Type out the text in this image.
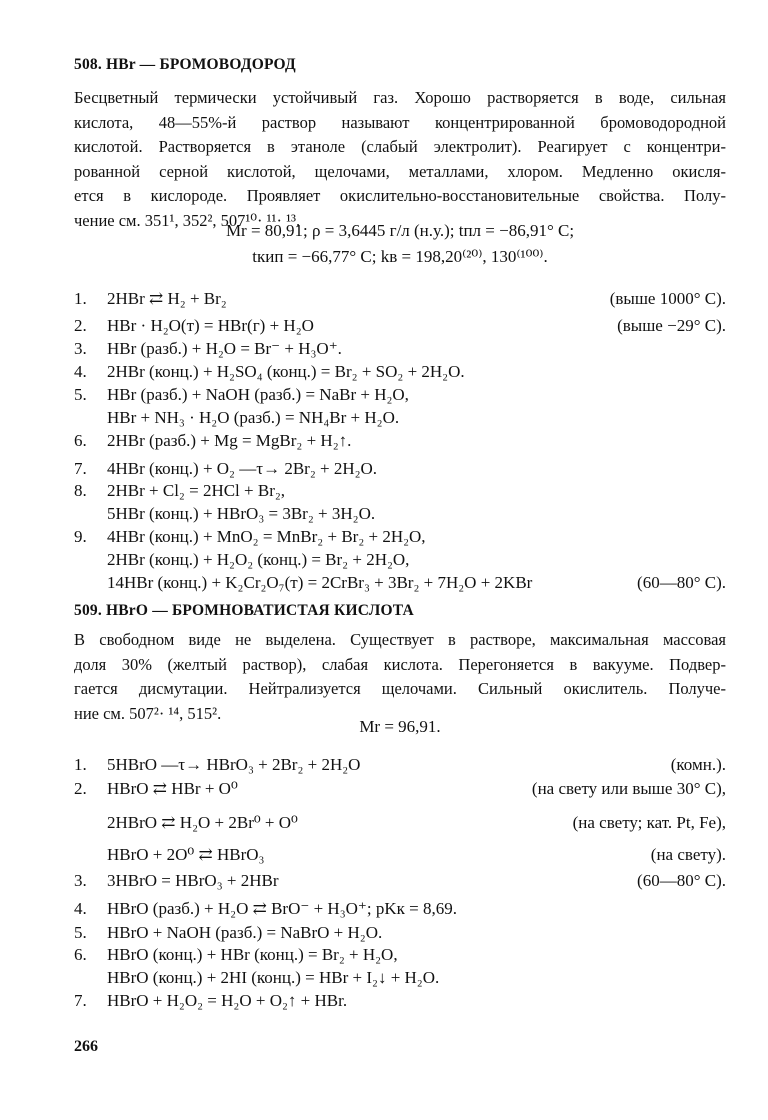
508. HBr — БРОМОВОДОРОД
Бесцветный термически устойчивый газ. Хорошо растворяется в воде, сильная
кислота, 48—55%-й раствор называют концентрированной бромоводородной
кислотой. Растворяется в этаноле (слабый электролит). Реагирует с концентри-
рованной серной кислотой, щелочами, металлами, хлором. Медленно окисля-
ется в кислороде. Проявляет окислительно-восстановительные свойства. Полу-
чение см. 351¹, 352², 507¹⁰· ¹¹· ¹³.
Mr = 80,91; ρ = 3,6445 г/л (н.у.); tпл = −86,91° C;
tкип = −66,77° C; kв = 198,20⁽²⁰⁾, 130⁽¹⁰⁰⁾.
1.	2HBr ⇄ H₂ + Br₂	(выше 1000° C).
2.	HBr · H₂O(т) = HBr(г) + H₂O	(выше −29° C).
3.	HBr (разб.) + H₂O = Br⁻ + H₃O⁺.
4.	2HBr (конц.) + H₂SO₄ (конц.) = Br₂ + SO₂ + 2H₂O.
5.	HBr (разб.) + NaOH (разб.) = NaBr + H₂O,
HBr + NH₃ · H₂O (разб.) = NH₄Br + H₂O.
6.	2HBr (разб.) + Mg = MgBr₂ + H₂↑.
7.	4HBr (конц.) + O₂ —τ→ 2Br₂ + 2H₂O.
8.	2HBr + Cl₂ = 2HCl + Br₂,
5HBr (конц.) + HBrO₃ = 3Br₂ + 3H₂O.
9.	4HBr (конц.) + MnO₂ = MnBr₂ + Br₂ + 2H₂O,
2HBr (конц.) + H₂O₂ (конц.) = Br₂ + 2H₂O,
14HBr (конц.) + K₂Cr₂O₇(т) = 2CrBr₃ + 3Br₂ + 7H₂O + 2KBr	(60—80° C).
509. HBrO — БРОМНОВАТИСТАЯ КИСЛОТА
В свободном виде не выделена. Существует в растворе, максимальная массовая
доля 30% (желтый раствор), слабая кислота. Перегоняется в вакууме. Подвер-
гается дисмутации. Нейтрализуется щелочами. Сильный окислитель. Получе-
ние см. 507²· ¹⁴, 515².
Mr = 96,91.
1.	5HBrO —τ→ HBrO₃ + 2Br₂ + 2H₂O	(комн.).
2.	HBrO ⇄ HBr + O⁰	(на свету или выше 30° C),
2HBrO ⇄ H₂O + 2Br⁰ + O⁰	(на свету; кат. Pt, Fe),
HBrO + 2O⁰ ⇄ HBrO₃	(на свету).
3.	3HBrO = HBrO₃ + 2HBr	(60—80° C).
4.	HBrO (разб.) + H₂O ⇄ BrO⁻ + H₃O⁺; pKк = 8,69.
5.	HBrO + NaOH (разб.) = NaBrO + H₂O.
6.	HBrO (конц.) + HBr (конц.) = Br₂ + H₂O,
HBrO (конц.) + 2HI (конц.) = HBr + I₂↓ + H₂O.
7.	HBrO + H₂O₂ = H₂O + O₂↑ + HBr.
266
